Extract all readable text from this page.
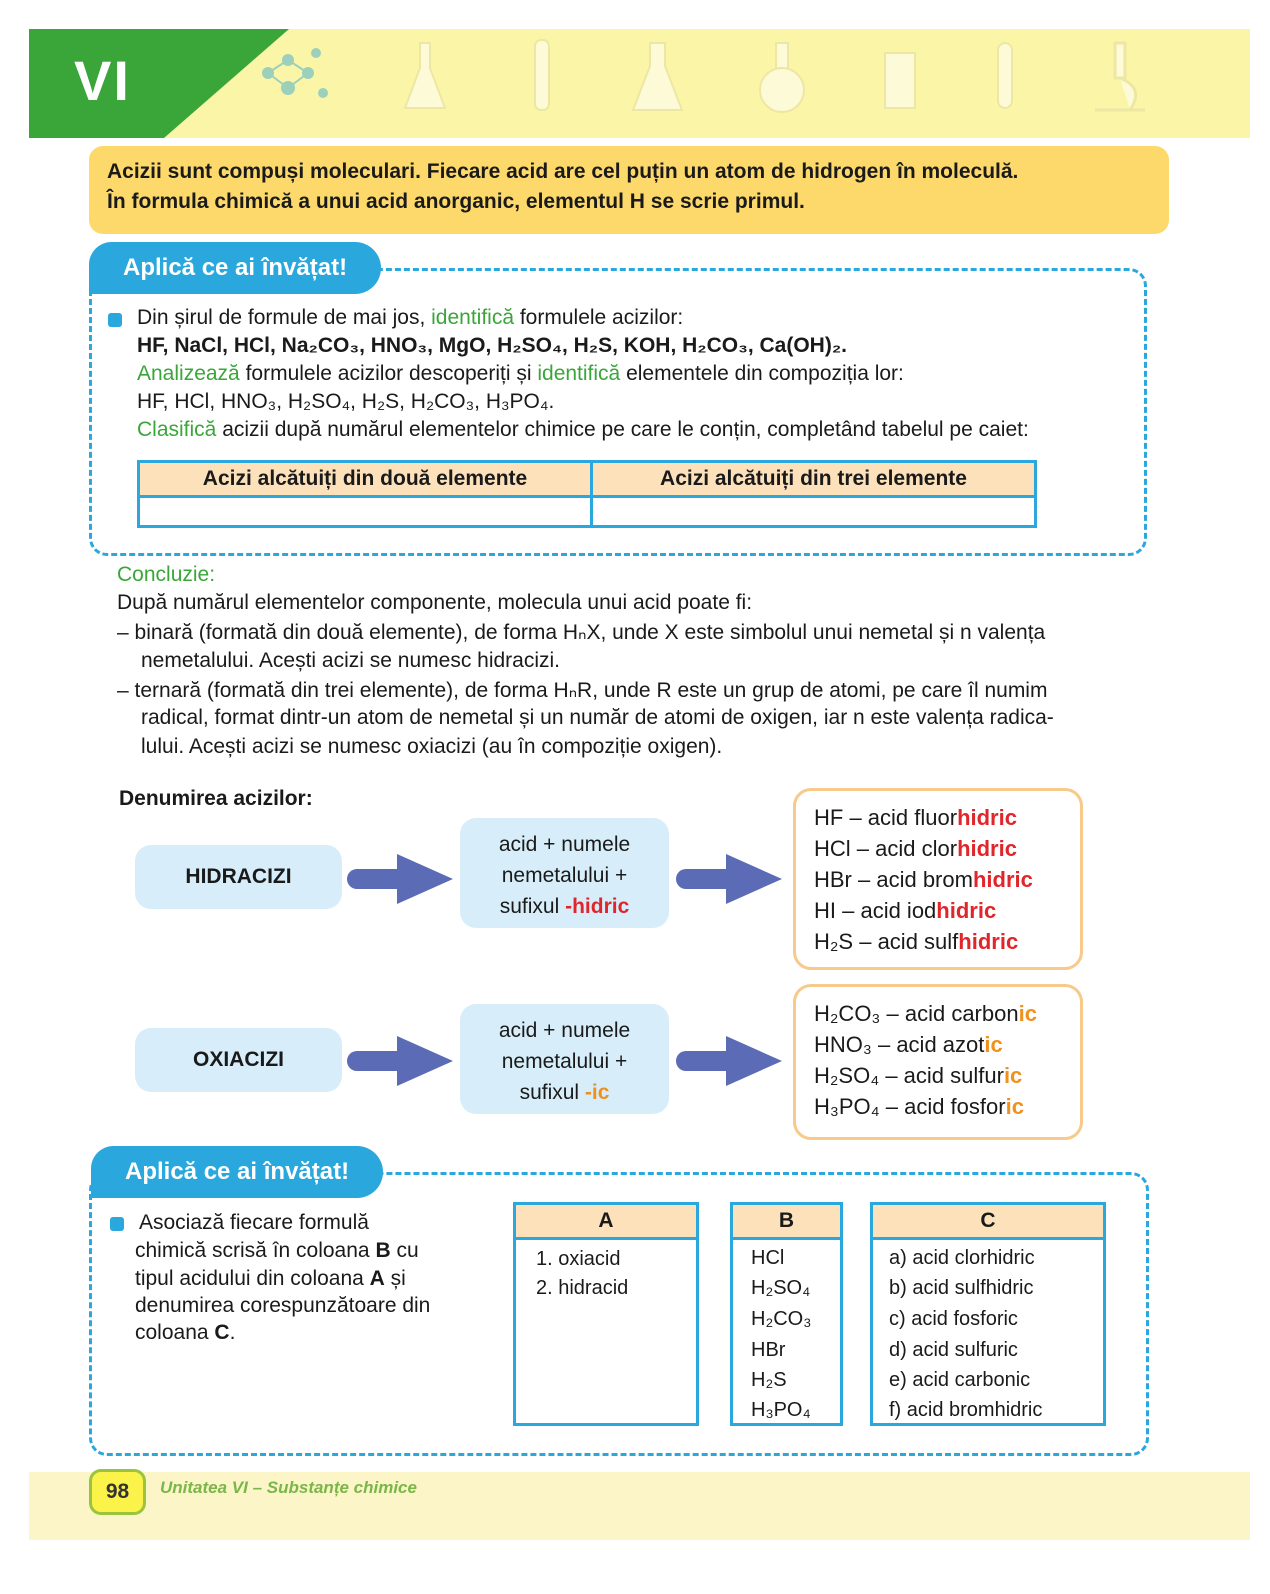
VI

Acizii sunt compuși moleculari. Fiecare acid are cel puțin un atom de hidrogen în moleculă.

În formula chimică a unui acid anorganic, elementul H se scrie primul.

Aplică ce ai învățat!
Din șirul de formule de mai jos, identifică formulele acizilor:
HF, NaCl, HCl, Na₂CO₃, HNO₃, MgO, H₂SO₄, H₂S, KOH, H₂CO₃, Ca(OH)₂.
Analizează formulele acizilor descoperiți și identifică elementele din compoziția lor:
HF, HCl, HNO₃, H₂SO₄, H₂S, H₂CO₃, H₃PO₄.
Clasifică acizii după numărul elementelor chimice pe care le conțin, completând tabelul pe caiet:
Acizi alcătuiți din două elemente	Acizi alcătuiți din trei elemente
Concluzie:
După numărul elementelor componente, molecula unui acid poate fi:
– binară (formată din două elemente), de forma HₙX, unde X este simbolul unui nemetal și n valența
nemetalului. Acești acizi se numesc hidracizi.
– ternară (formată din trei elemente), de forma HₙR, unde R este un grup de atomi, pe care îl numim
radical, format dintr-un atom de nemetal și un număr de atomi de oxigen, iar n este valența radica-
lului. Acești acizi se numesc oxiacizi (au în compoziție oxigen).
Denumirea acizilor:
HIDRACIZI
acid + numele
nemetalului +
sufixul -hidric
HF – acid fluorhidric
HCl – acid clorhidric
HBr – acid bromhidric
HI – acid iodhidric
H₂S – acid sulfhidric
OXIACIZI
acid + numele
nemetalului +
sufixul -ic
H₂CO₃ – acid carbonic
HNO₃ – acid azotic
H₂SO₄ – acid sulfuric
H₃PO₄ – acid fosforic
Aplică ce ai învățat!
Asociază fiecare formulă
chimică scrisă în coloana B cu
tipul acidului din coloana A și
denumirea corespunzătoare din
coloana C.
A
1. oxiacid
2. hidracid
B
HCl
H₂SO₄
H₂CO₃
HBr
H₂S
H₃PO₄
C
a) acid clorhidric
b) acid sulfhidric
c) acid fosforic
d) acid sulfuric
e) acid carbonic
f) acid bromhidric
98	Unitatea VI – Substanțe chimice
